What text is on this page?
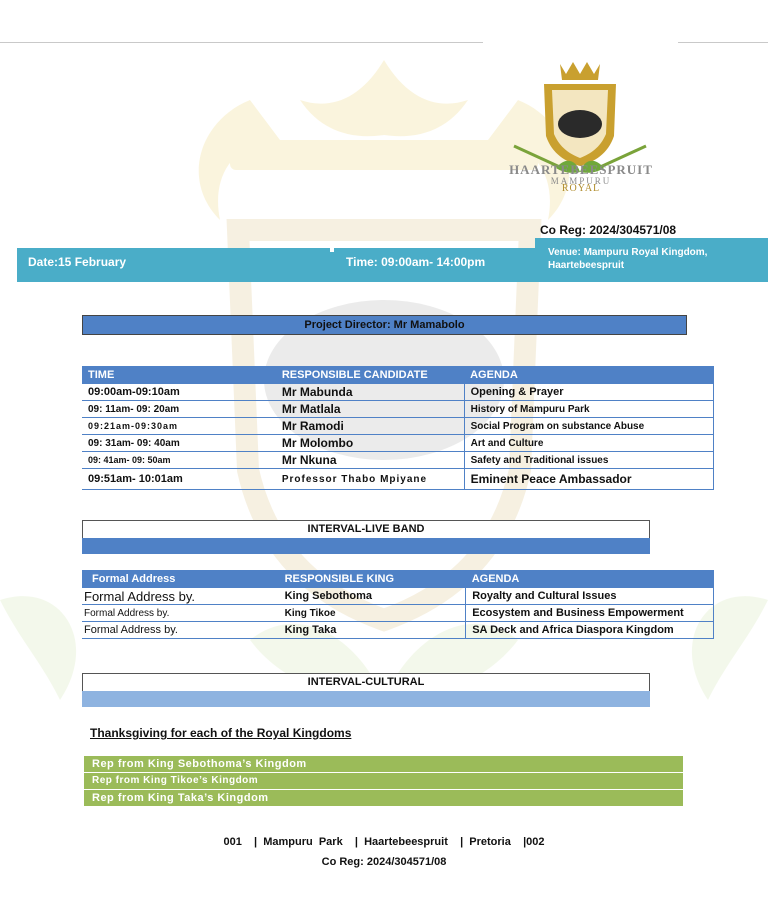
HAARTEBEESPRUIT
MAMPURU
ROYAL
Co Reg: 2024/304571/08
Date:15 February	Time: 09:00am- 14:00pm
Venue: Mampuru Royal Kingdom, Haartebeespruit
Project Director: Mr Mamabolo
TIME	RESPONSIBLE CANDIDATE	AGENDA
09:00am-09:10am	Mr Mabunda	Opening & Prayer
09: 11am- 09: 20am	Mr Matlala	History of Mampuru Park
09:21am-09:30am	Mr Ramodi	Social Program on substance Abuse
09: 31am- 09: 40am	Mr Molombo	Art and Culture
09: 41am- 09: 50am	Mr Nkuna	Safety and Traditional issues
09:51am- 10:01am	Professor Thabo Mpiyane	Eminent Peace Ambassador
INTERVAL-LIVE BAND
Formal Address	RESPONSIBLE KING	AGENDA
Formal Address by.	King Sebothoma	Royalty and Cultural Issues
Formal Address by.	King Tikoe	Ecosystem and Business Empowerment
Formal Address by.	King Taka	SA Deck and Africa Diaspora Kingdom
INTERVAL-CULTURAL
Thanksgiving for each of the Royal Kingdoms
Rep from King Sebothoma’s Kingdom
Rep from King Tikoe’s Kingdom
Rep from King Taka’s Kingdom
001    |  Mampuru  Park    |  Haartebeespruit    |  Pretoria    |002
Co Reg: 2024/304571/08
